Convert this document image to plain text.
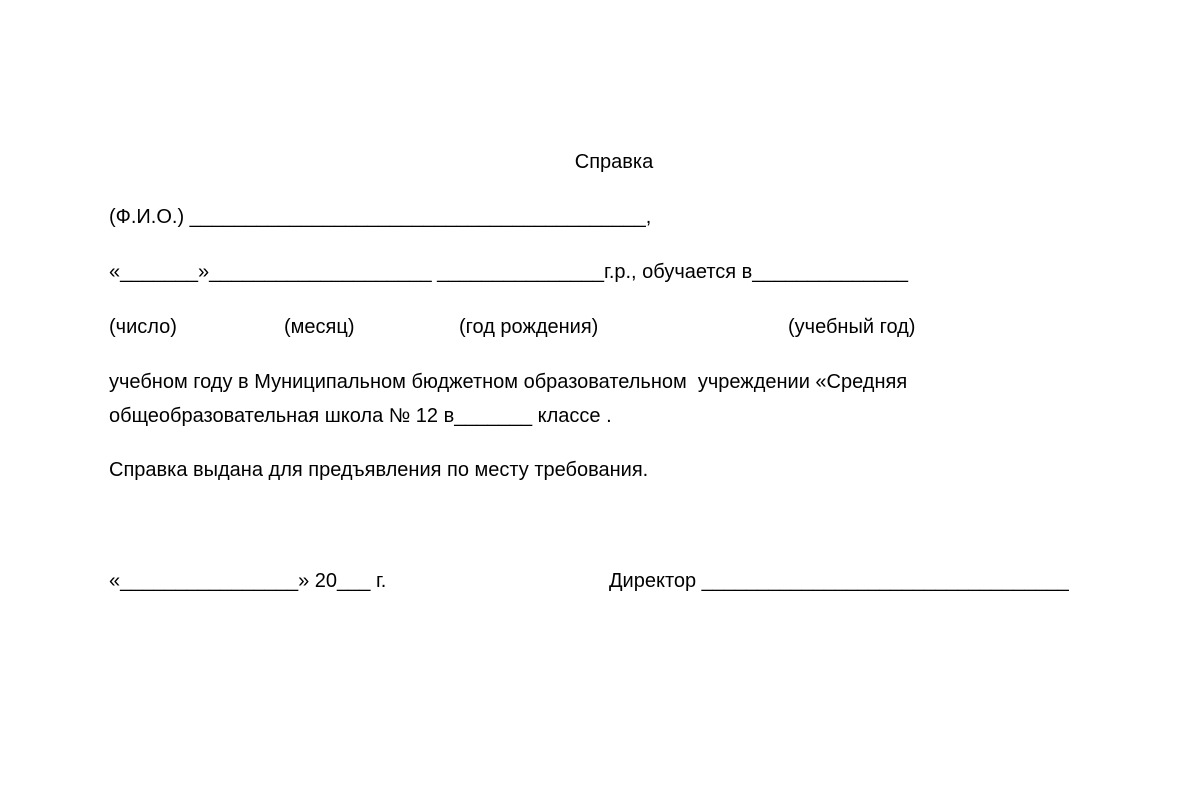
Справка
(Ф.И.О.) _________________________________________,
«_______»____________________ _______________г.р., обучается в______________
(число)	(месяц)	(год рождения)	(учебный год)
учебном году в Муниципальном бюджетном образовательном  учреждении «Средняя
общеобразовательная школа № 12 в_______ классе .
Справка выдана для предъявления по месту требования.
«________________» 20___ г.	Директор _________________________________
